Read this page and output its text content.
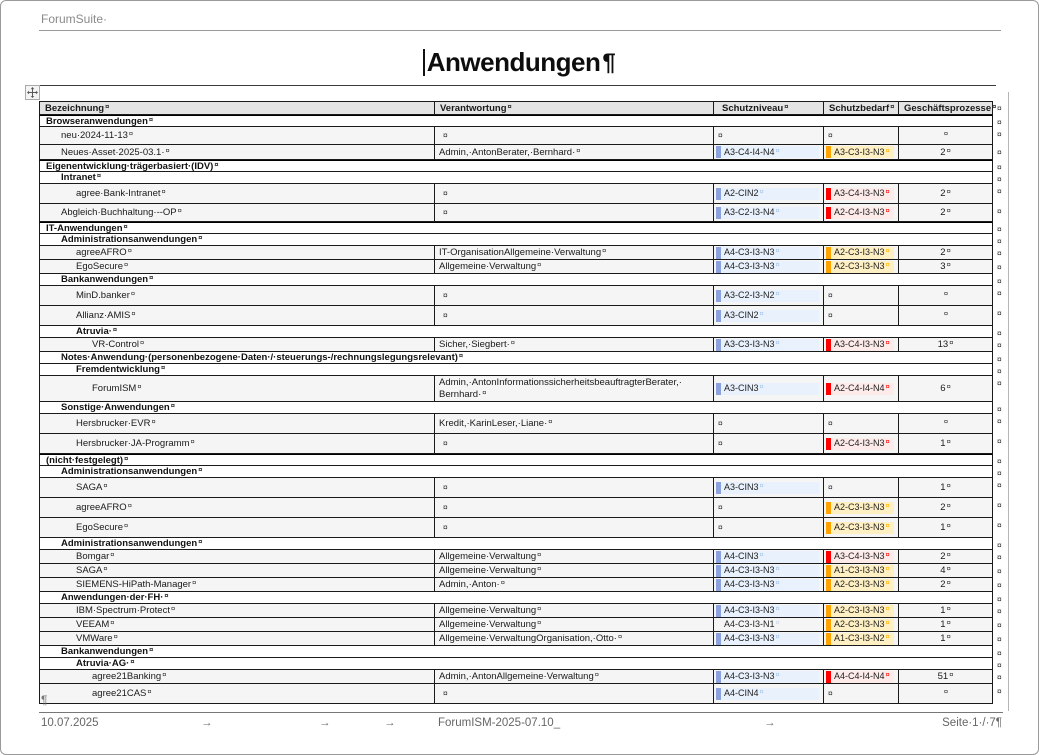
ForumSuite·
Anwendungen ¶
Bezeichnung ¤	Verantwortung ¤	Schutzniveau ¤	Schutzbedarf ¤ Geschäftsprozesse ¤ ¤
Browseranwendungen ¤	¤
neu·2024-11-13 ¤	¤	¤	¤	¤	¤
Neues·Asset·2025-03.1· ¤	Admin,·AntonBerater,·Bernhard· ¤	A3-C4-I4-N4 ¤	A3-C3-I3-N3 ¤	2 ¤	¤
Eigenentwicklung·trägerbasiert·(IDV) ¤	¤
Intranet ¤	¤
agree·Bank-Intranet ¤	¤	A2-CIN2 ¤	A3-C4-I3-N3 ¤	2 ¤	¤
Abgleich·Buchhaltung·--OP ¤	¤	A3-C2-I3-N4 ¤	A2-C4-I3-N3 ¤	2 ¤	¤
IT-Anwendungen ¤	¤
Administrationsanwendungen ¤	¤
agreeAFRO ¤	IT-OrganisationAllgemeine·Verwaltung ¤	A4-C3-I3-N3 ¤	A2-C3-I3-N3 ¤	2 ¤	¤
EgoSecure ¤	Allgemeine·Verwaltung ¤	A4-C3-I3-N3 ¤	A2-C3-I3-N3 ¤	3 ¤	¤
Bankanwendungen ¤	¤
MinD.banker ¤	¤	A3-C2-I3-N2 ¤	¤	¤	¤
Allianz·AMIS ¤	¤	A3-CIN2 ¤	¤	¤	¤
Atruvia· ¤	¤
VR-Control ¤	Sicher,·Siegbert· ¤	A3-C3-I3-N3 ¤	A3-C4-I3-N3 ¤	13 ¤	¤
Notes·Anwendung·(personenbezogene·Daten·/·steuerungs-/rechnungslegungsrelevant) ¤	¤
Fremdentwicklung ¤	¤
ForumISM ¤	Admin,·AntonInformationssicherheitsbeauftragterBerater,·
Bernhard·¤	A3-CIN3 ¤	A2-C4-I4-N4 ¤	6 ¤	¤
Sonstige·Anwendungen ¤	¤
Hersbrucker·EVR ¤	Kredit,·KarinLeser,·Liane· ¤	¤	¤	¤	¤
Hersbrucker·JA-Programm ¤	¤	¤	A2-C4-I3-N3 ¤	1 ¤	¤
(nicht·festgelegt) ¤	¤
Administrationsanwendungen ¤	¤
SAGA ¤	¤	A3-CIN3 ¤	¤	1 ¤	¤
agreeAFRO ¤	¤	¤	A2-C3-I3-N3 ¤	2 ¤	¤
EgoSecure ¤	¤	¤	A2-C3-I3-N3 ¤	1 ¤	¤
Administrationsanwendungen ¤	¤
Bomgar ¤	Allgemeine·Verwaltung ¤	A4-CIN3 ¤	A3-C4-I3-N3 ¤	2 ¤	¤
SAGA ¤	Allgemeine·Verwaltung ¤	A4-C3-I3-N3 ¤	A1-C3-I3-N3 ¤	4 ¤	¤
SIEMENS-HiPath-Manager ¤	Admin,·Anton· ¤	A4-C3-I3-N3 ¤	A2-C3-I3-N3 ¤	2 ¤	¤
Anwendungen·der·FH· ¤	¤
IBM·Spectrum·Protect ¤	Allgemeine·Verwaltung ¤	A4-C3-I3-N3 ¤	A2-C3-I3-N3 ¤	1 ¤	¤
VEEAM ¤	Allgemeine·Verwaltung ¤	A4-C3-I3-N1 ¤	A2-C3-I3-N3 ¤	1 ¤	¤
VMWare ¤	Allgemeine·VerwaltungOrganisation,·Otto· ¤	A4-C3-I3-N3 ¤	A1-C3-I3-N2 ¤	1 ¤	¤
Bankanwendungen ¤	¤
Atruvia·AG· ¤	¤
agree21Banking ¤	Admin,·AntonAllgemeine·Verwaltung ¤	A4-C3-I3-N3 ¤	A4-C4-I4-N4 ¤	51 ¤	¤
agree21CAS ¤	¤	A4-CIN4 ¤	¤	¤	¤
¶
10.07.2025	→	→	→	ForumISM-2025-07.10_	→	Seite·1·/·7¶
